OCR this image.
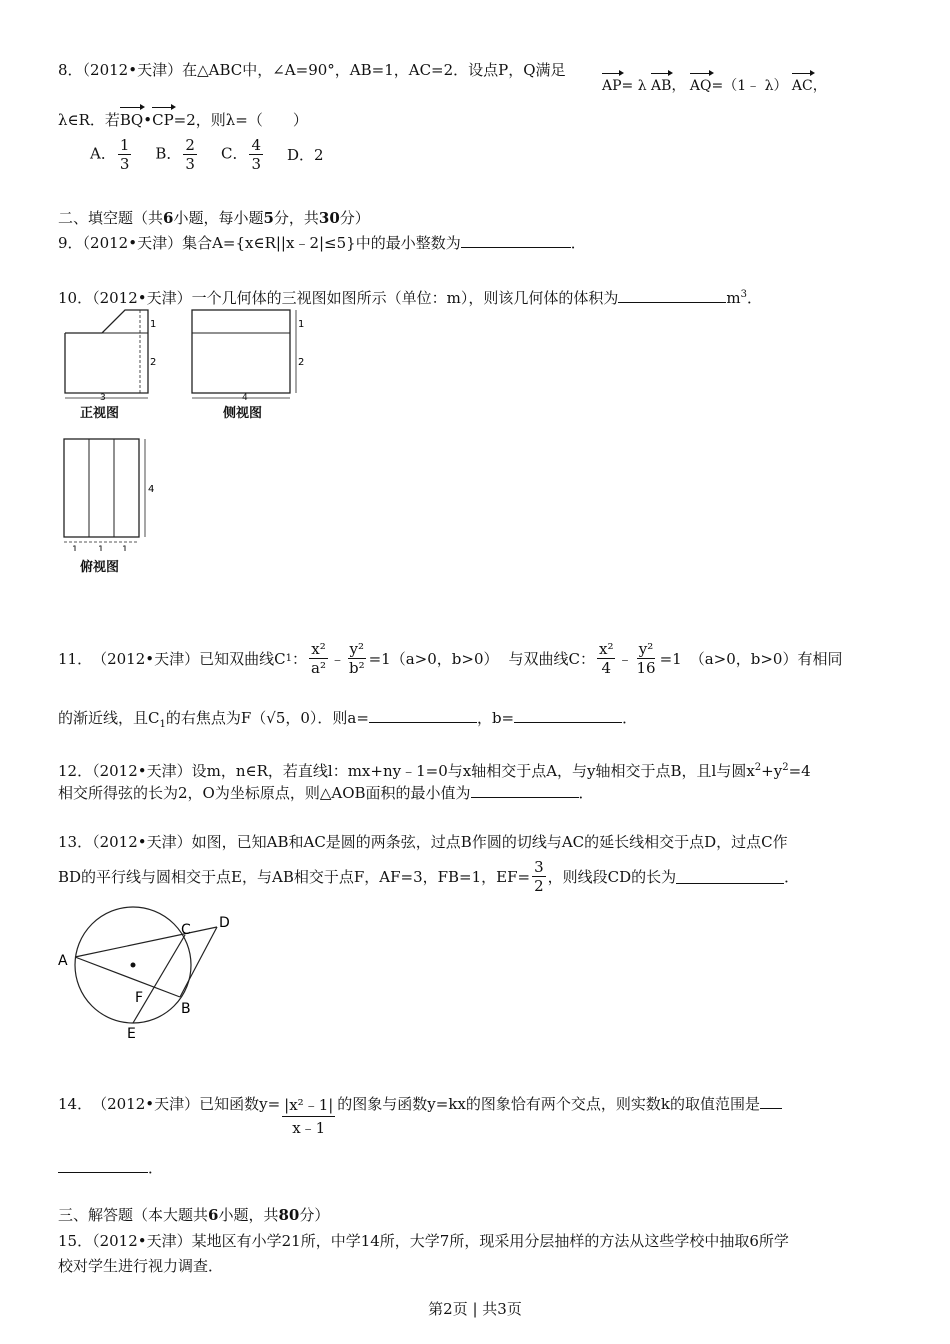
8．（2012•天津）在△ABC中，∠A=90°，AB=1，AC=2．设点P，Q满足
AP= λ AB， AQ=（1﹣ λ） AC，
λ∈R．若BQ•CP=2，则λ=（　　）
A． $\frac{1}{3}$ B． $\frac{2}{3}$ C． $\frac{4}{3}$ D．2
二、填空题（共6小题，每小题5分，共30分）
9．（2012•天津）集合A={x∈R||x﹣2|≤5}中的最小整数为	．
10．（2012•天津）一个几何体的三视图如图所示（单位：m），则该几何体的体积为	$m^3$．
1
2
3
正视图
1
2
4
侧视图
4
1 1 1
俯视图
11． （2012•天津） 已知双曲线C 1 ： $\frac{\text{x²}}{\text{a²}}$ ﹣ $\frac{\text{y²}}{\text{b²}} =1(a>0$，b>0） 与双曲线C： $\frac{\text{x²}}{4}$ ﹣ $\frac{\text{y²}}{16} =1$ （a>0，b>0）有相同
的渐近线，且$C_1$的右焦点为F（√5，0）．则a=	，b=	．
12．（2012•天津）设m，n∈R，若直线l：mx+ny﹣1=0与x轴相交于点A，与y轴相交于点B，且l与圆$x^2+y^2=4$
相交所得弦的长为2，O为坐标原点，则△AOB面积的最小值为	．
13．（2012•天津）如图，已知AB和AC是圆的两条弦，过点B作圆的切线与AC的延长线相交于点D，过点C作
BD的平行线与圆相交于点E，与AB相交于点F，AF=3，FB=1，$EF= \frac{3}{2}$ ，则线段CD的长为	．
A
B
C D
E
F
14． （2012•天津） 已知函数$y= \frac{\text{|x²﹣1|}}{x﹣1}$ 的图象与函数y=kx的图象恰有两个交点，则实数k的取值范围是
．
三、解答题（本大题共6小题，共80分）
15．（2012•天津）某地区有小学21所，中学14所，大学7所，现采用分层抽样的方法从这些学校中抽取6所学
校对学生进行视力调查．
第2页 | 共3页
